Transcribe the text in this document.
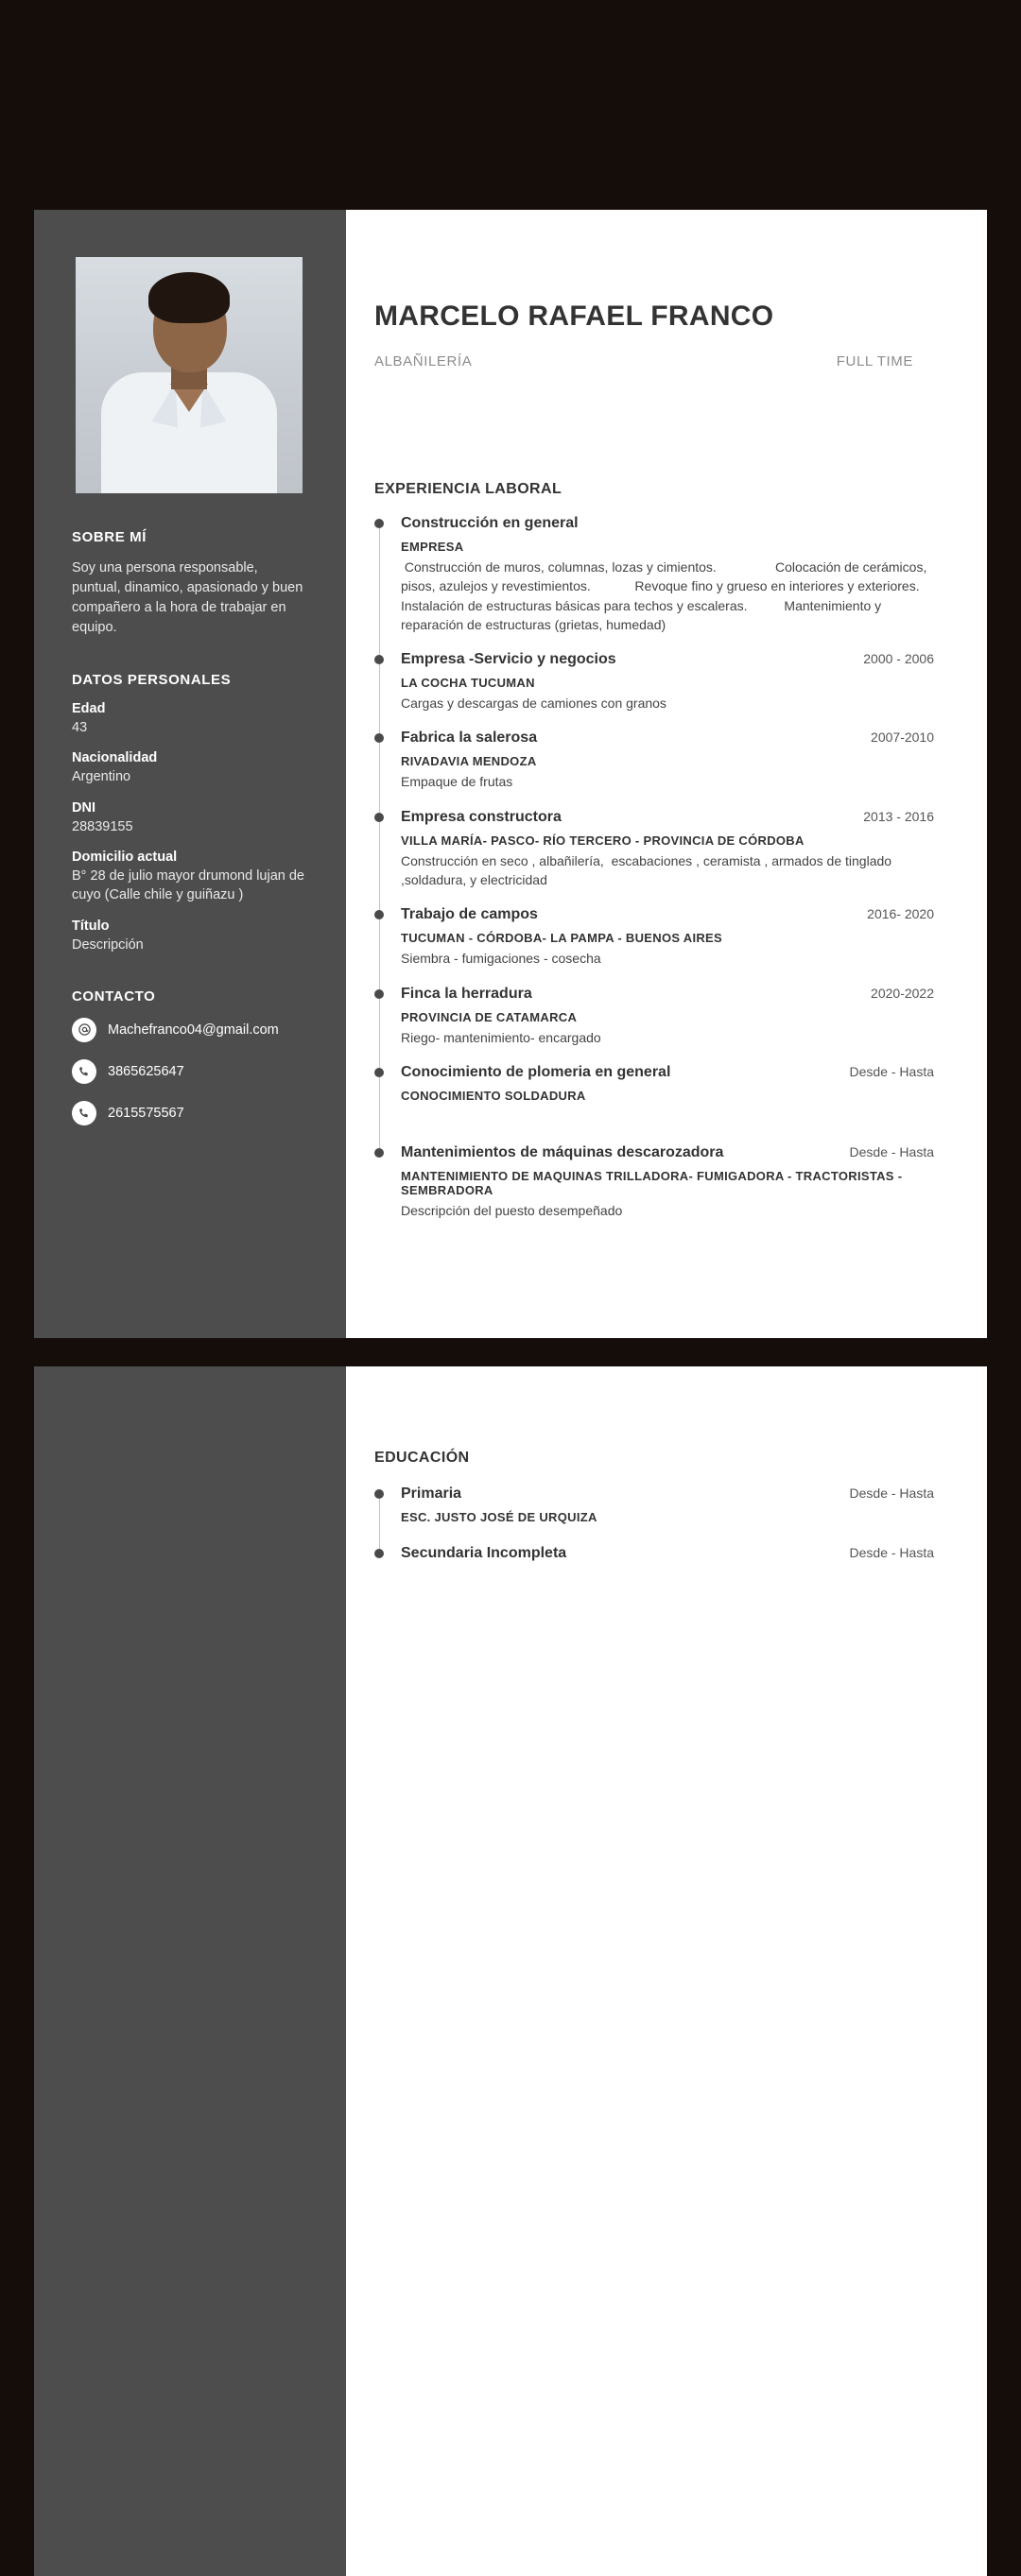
SOBRE MÍ

Soy una persona responsable, puntual, dinamico, apasionado y buen compañero a la hora de trabajar en equipo.

DATOS PERSONALES
Edad
43
Nacionalidad
Argentino
DNI
28839155
Domicilio actual
B° 28 de julio mayor drumond lujan de cuyo (Calle chile y guiñazu )
Título
Descripción
CONTACTO
Machefranco04@gmail.com
3865625647
2615575567
MARCELO RAFAEL FRANCO
ALBAÑILERÍA	FULL TIME
EXPERIENCIA LABORAL
Construcción en general
EMPRESA
Construcción de muros, columnas, lozas y cimientos.                Colocación de cerámicos, pisos, azulejos y revestimientos.            Revoque fino y grueso en interiores y exteriores.                        Instalación de estructuras básicas para techos y escaleras.          Mantenimiento y reparación de estructuras (grietas, humedad)
Empresa -Servicio y negocios	2000 - 2006
LA COCHA TUCUMAN
Cargas y descargas de camiones con granos
Fabrica la salerosa	2007-2010
RIVADAVIA MENDOZA
Empaque de frutas
Empresa constructora	2013 - 2016
VILLA MARÍA- PASCO- RÍO TERCERO - PROVINCIA DE CÓRDOBA
Construcción en seco , albañilería,  escabaciones , ceramista , armados de tinglado ,soldadura, y electricidad
Trabajo de campos	2016- 2020
TUCUMAN - CÓRDOBA- LA PAMPA - BUENOS AIRES
Siembra - fumigaciones - cosecha
Finca la herradura	2020-2022
PROVINCIA DE CATAMARCA
Riego- mantenimiento- encargado
Conocimiento de plomeria en general	Desde - Hasta
CONOCIMIENTO SOLDADURA
Mantenimientos de máquinas descarozadora	Desde - Hasta
MANTENIMIENTO DE MAQUINAS TRILLADORA- FUMIGADORA - TRACTORISTAS -SEMBRADORA
Descripción del puesto desempeñado
EDUCACIÓN
Primaria	Desde - Hasta
ESC. JUSTO JOSÉ DE URQUIZA
Secundaria Incompleta	Desde - Hasta
